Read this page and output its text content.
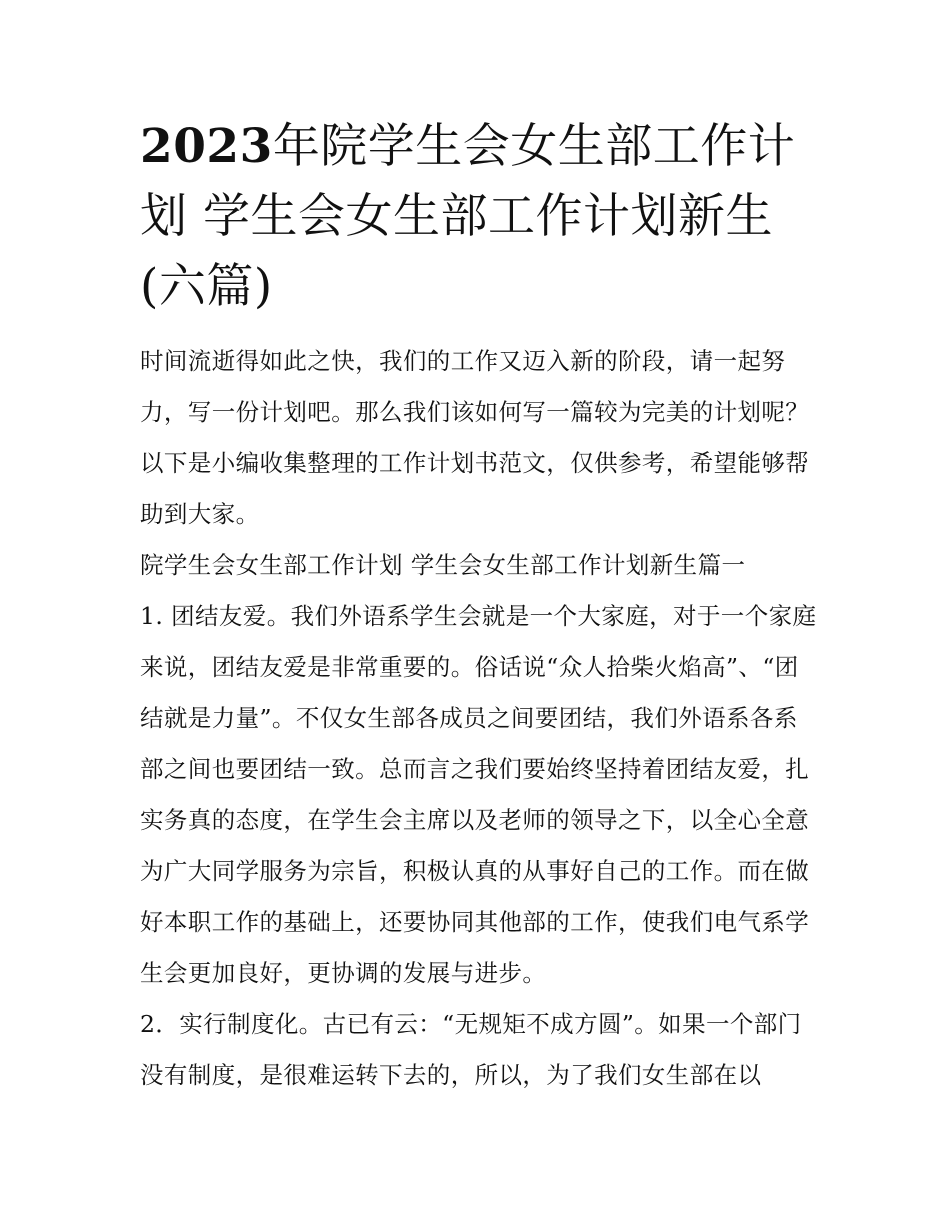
2023年院学生会女生部工作计划 学生会女生部工作计划新生(六篇)

时间流逝得如此之快，我们的工作又迈入新的阶段，请一起努力，写一份计划吧。那么我们该如何写一篇较为完美的计划呢？以下是小编收集整理的工作计划书范文，仅供参考，希望能够帮助到大家。

院学生会女生部工作计划 学生会女生部工作计划新生篇一

1. 团结友爱。我们外语系学生会就是一个大家庭，对于一个家庭来说，团结友爱是非常重要的。俗话说“众人拾柴火焰高”、“团结就是力量”。不仅女生部各成员之间要团结，我们外语系各系部之间也要团结一致。总而言之我们要始终坚持着团结友爱，扎实务真的态度，在学生会主席以及老师的领导之下，以全心全意为广大同学服务为宗旨，积极认真的从事好自己的工作。而在做好本职工作的基础上，还要协同其他部的工作，使我们电气系学生会更加良好，更协调的发展与进步。

2．实行制度化。古已有云：“无规矩不成方圆”。如果一个部门没有制度，是很难运转下去的，所以，为了我们女生部在以
